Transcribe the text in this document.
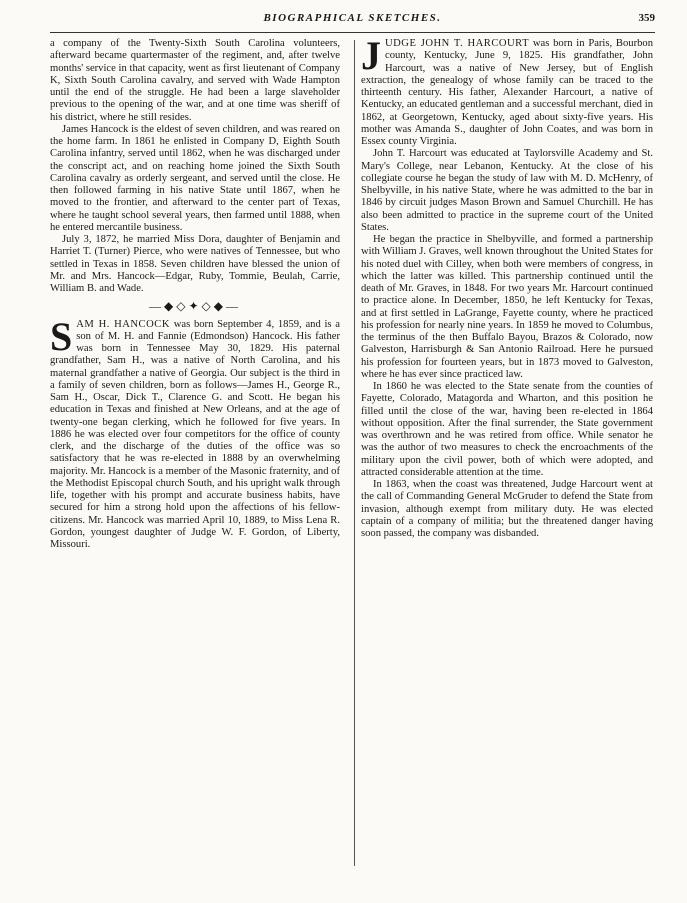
BIOGRAPHICAL SKETCHES.	359

a company of the Twenty-Sixth South Carolina volunteers, afterward became quartermaster of the regiment, and, after twelve months' service in that capacity, went as first lieutenant of Company K, Sixth South Carolina cavalry, and served with Wade Hampton until the end of the struggle. He had been a large slaveholder previous to the opening of the war, and at one time was sheriff of his district, where he still resides.

James Hancock is the eldest of seven children, and was reared on the home farm. In 1861 he enlisted in Company D, Eighth South Carolina infantry, served until 1862, when he was discharged under the conscript act, and on reaching home joined the Sixth South Carolina cavalry as orderly sergeant, and served until the close. He then followed farming in his native State until 1867, when he moved to the frontier, and afterward to the center part of Texas, where he taught school several years, then farmed until 1888, when he entered mercantile business.

July 3, 1872, he married Miss Dora, daughter of Benjamin and Harriet T. (Turner) Pierce, who were natives of Tennessee, but who settled in Texas in 1858. Seven children have blessed the union of Mr. and Mrs. Hancock—Edgar, Ruby, Tommie, Beulah, Carrie, William B. and Wade.

—◆◇✦◇◆—

SAM H. HANCOCK was born September 4, 1859, and is a son of M. H. and Fannie (Edmondson) Hancock. His father was born in Tennessee May 30, 1829. His paternal grandfather, Sam H., was a native of North Carolina, and his maternal grandfather a native of Georgia. Our subject is the third in a family of seven children, born as follows—James H., George R., Sam H., Oscar, Dick T., Clarence G. and Scott. He began his education in Texas and finished at New Orleans, and at the age of twenty-one began clerking, which he followed for five years. In 1886 he was elected over four competitors for the office of county clerk, and the discharge of the duties of the office was so satisfactory that he was re-elected in 1888 by an overwhelming majority. Mr. Hancock is a member of the Masonic fraternity, and of the Methodist Episcopal church South, and his upright walk through life, together with his prompt and accurate business habits, have secured for him a strong hold upon the affections of his fellow-citizens. Mr. Hancock was married April 10, 1889, to Miss Lena R. Gordon, youngest daughter of Judge W. F. Gordon, of Liberty, Missouri.

JUDGE JOHN T. HARCOURT was born in Paris, Bourbon county, Kentucky, June 9, 1825. His grandfather, John Harcourt, was a native of New Jersey, but of English extraction, the genealogy of whose family can be traced to the thirteenth century. His father, Alexander Harcourt, a native of Kentucky, an educated gentleman and a successful merchant, died in 1862, at Georgetown, Kentucky, aged about sixty-five years. His mother was Amanda S., daughter of John Coates, and was born in Essex county Virginia.

John T. Harcourt was educated at Taylorsville Academy and St. Mary's College, near Lebanon, Kentucky. At the close of his collegiate course he began the study of law with M. D. McHenry, of Shelbyville, in his native State, where he was admitted to the bar in 1846 by circuit judges Mason Brown and Samuel Churchill. He has also been admitted to practice in the supreme court of the United States.

He began the practice in Shelbyville, and formed a partnership with William J. Graves, well known throughout the United States for his noted duel with Cilley, when both were members of congress, in which the latter was killed. This partnership continued until the death of Mr. Graves, in 1848. For two years Mr. Harcourt continued to practice alone. In December, 1850, he left Kentucky for Texas, and at first settled in LaGrange, Fayette county, where he practiced his profession for nearly nine years. In 1859 he moved to Columbus, the terminus of the then Buffalo Bayou, Brazos & Colorado, now Galveston, Harrisburgh & San Antonio Railroad. Here he pursued his profession for fourteen years, but in 1873 moved to Galveston, where he has ever since practiced law.

In 1860 he was elected to the State senate from the counties of Fayette, Colorado, Matagorda and Wharton, and this position he filled until the close of the war, having been re-elected in 1864 without opposition. After the final surrender, the State government was overthrown and he was retired from office. While senator he was the author of two measures to check the encroachments of the military upon the civil power, both of which were adopted, and attracted considerable attention at the time.

In 1863, when the coast was threatened, Judge Harcourt went at the call of Commanding General McGruder to defend the State from invasion, although exempt from military duty. He was elected captain of a company of militia; but the threatened danger having soon passed, the company was disbanded.
